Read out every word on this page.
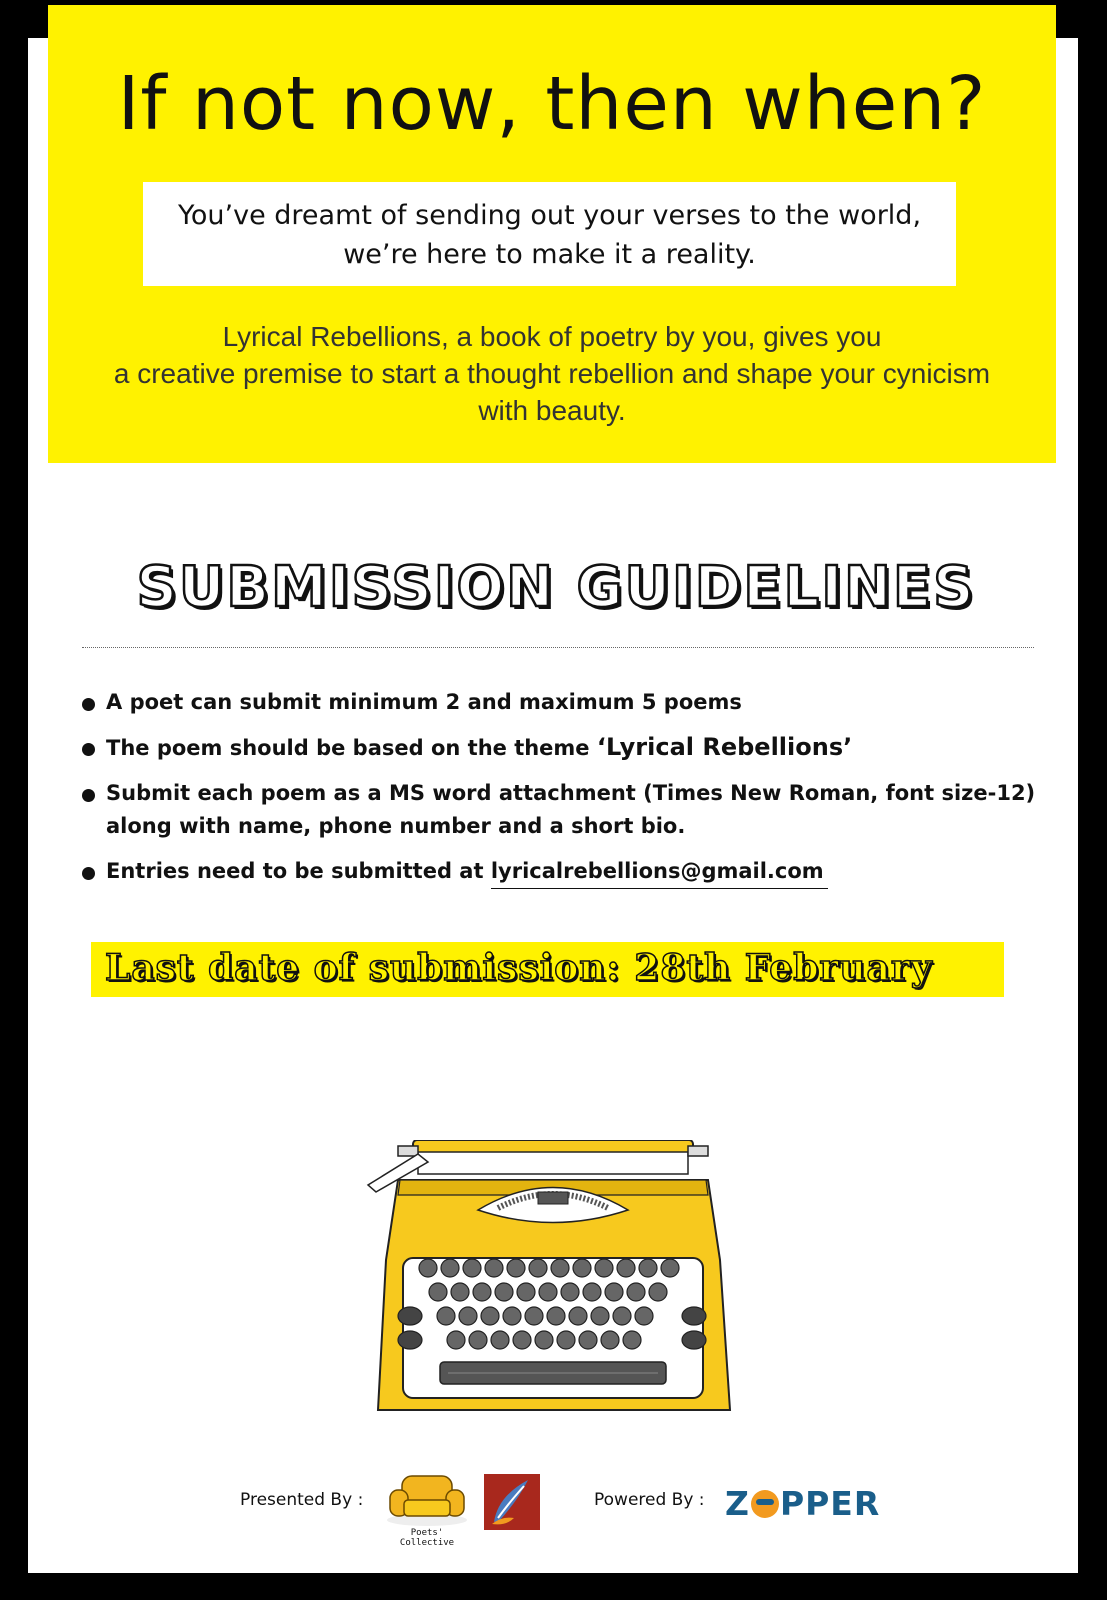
If not now, then when?

You’ve dreamt of sending out your verses to the world,
we’re here to make it a reality.

Lyrical Rebellions, a book of poetry by you, gives you
a creative premise to start a thought rebellion and shape your cynicism
with beauty.

SUBMISSION GUIDELINES
A poet can submit minimum 2 and maximum 5 poems
The poem should be based on the theme ‘Lyrical Rebellions’
Submit each poem as a MS word attachment (Times New Roman, font size-12) along with name, phone number and a short bio.
Entries need to be submitted at lyricalrebellions@gmail.com

Last date of submission: 28th February

Presented By :
Poets' Collective
Powered By : Z PPER
